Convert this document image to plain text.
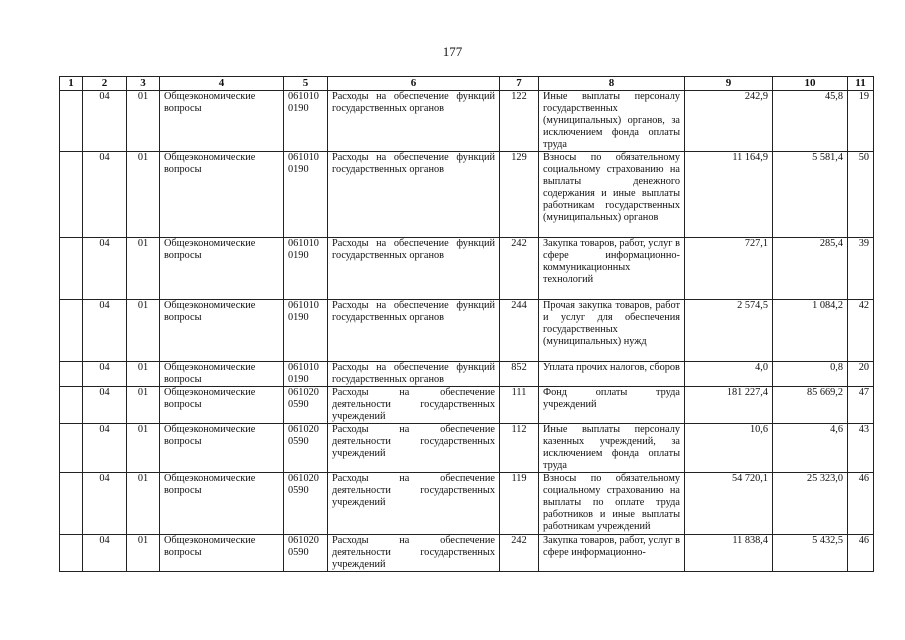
177
1	2	3	4	5	6	7	8	9	10	11
	04	01	Общеэкономические вопросы	061010 0190	Расходы на обеспечение функций государственных органов	122	Иные выплаты персоналу государственных (муниципальных) органов, за исключением фонда оплаты труда	242,9	45,8	19
	04	01	Общеэкономические вопросы	061010 0190	Расходы на обеспечение функций государственных органов	129	Взносы по обязательному социальному страхованию на выплаты денежного содержания и иные выплаты работникам государственных (муниципальных) органов	11 164,9	5 581,4	50
	04	01	Общеэкономические вопросы	061010 0190	Расходы на обеспечение функций государственных органов	242	Закупка товаров, работ, услуг в сфере информационно-коммуникационных технологий	727,1	285,4	39
	04	01	Общеэкономические вопросы	061010 0190	Расходы на обеспечение функций государственных органов	244	Прочая закупка товаров, работ и услуг для обеспечения государственных (муниципальных) нужд	2 574,5	1 084,2	42
	04	01	Общеэкономические вопросы	061010 0190	Расходы на обеспечение функций государственных органов	852	Уплата прочих налогов, сборов	4,0	0,8	20
	04	01	Общеэкономические вопросы	061020 0590	Расходы на обеспечение деятельности государственных учреждений	111	Фонд оплаты труда учреждений	181 227,4	85 669,2	47
	04	01	Общеэкономические вопросы	061020 0590	Расходы на обеспечение деятельности государственных учреждений	112	Иные выплаты персоналу казенных учреждений, за исключением фонда оплаты труда	10,6	4,6	43
	04	01	Общеэкономические вопросы	061020 0590	Расходы на обеспечение деятельности государственных учреждений	119	Взносы по обязательному социальному страхованию на выплаты по оплате труда работников и иные выплаты работникам учреждений	54 720,1	25 323,0	46
	04	01	Общеэкономические вопросы	061020 0590	Расходы на обеспечение деятельности государственных учреждений	242	Закупка товаров, работ, услуг в сфере информационно-	11 838,4	5 432,5	46
